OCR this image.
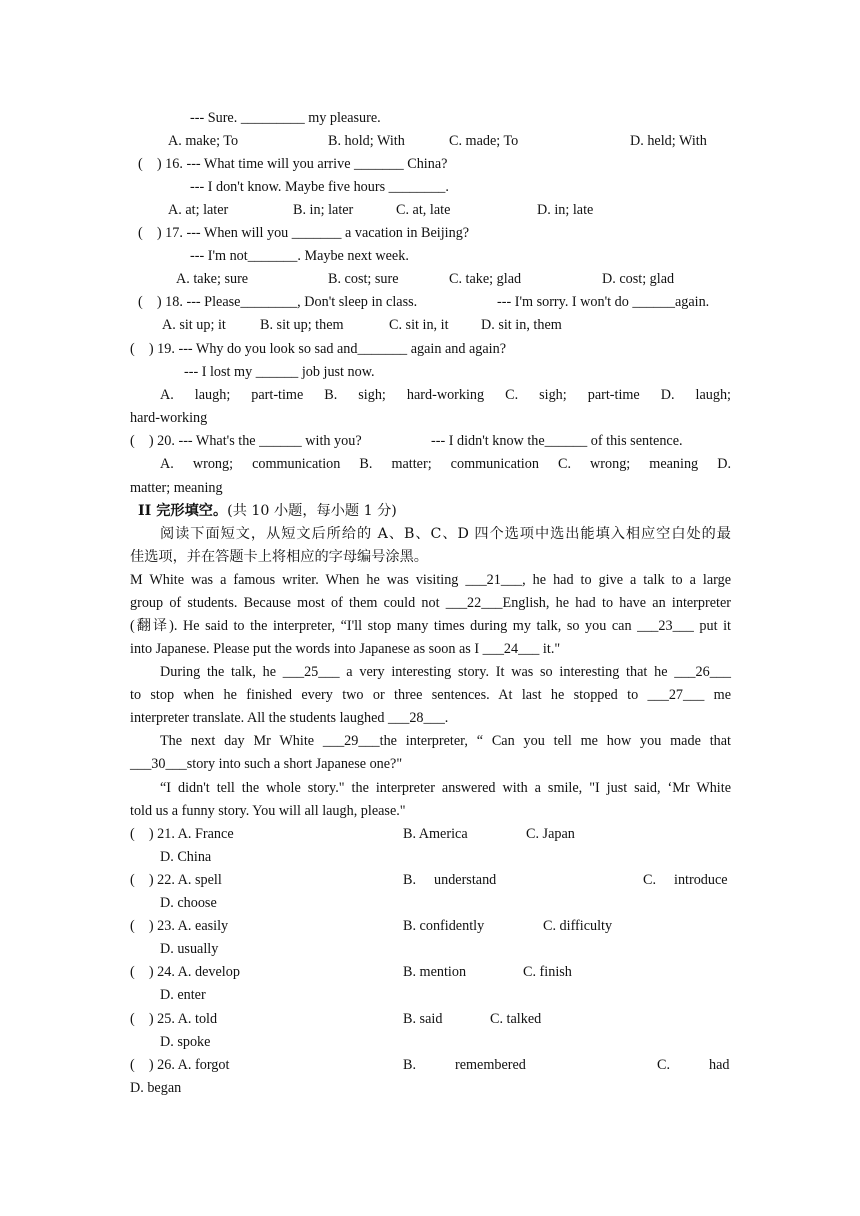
--- Sure. _________ my pleasure.

A. make; To	B. hold; With	C. made; To	D. held; With

(    ) 16. --- What time will you arrive _______ China?

--- I don't know. Maybe five hours ________.

A. at; later	B. in; later	C. at, late	D. in; late

(    ) 17. --- When will you _______ a vacation in Beijing?

--- I'm not_______. Maybe next week.

A. take; sure	B. cost; sure	C. take; glad	D. cost; glad

(    ) 18. --- Please________, Don't sleep in class.	--- I'm sorry. I won't do ______again.

A. sit up; it B. sit up; them	C. sit in, it D. sit in, them

(    ) 19. --- Why do you look so sad and_______ again and again?

--- I lost my ______ job just now.

A. laugh; part-time B. sigh; hard-working C. sigh; part-time D. laugh;

hard-working

(    ) 20. --- What's the ______ with you?	--- I didn't know the______ of this sentence.

A. wrong; communication B. matter; communication C. wrong; meaning D.

matter; meaning

II 完形填空。(共 10 小题，每小题 1 分)

阅读下面短文，从短文后所给的 A、B、C、D 四个选项中选出能填入相应空白处的最

佳选项，并在答题卡上将相应的字母编号涂黑。

M White was a famous writer. When he was visiting ___21___, he had to give a talk to a large

group of students. Because most of them could not ___22___English, he had to have an interpreter

(翻译). He said to the interpreter, “I'll stop many times during my talk, so you can ___23___ put it

into Japanese. Please put the words into Japanese as soon as I ___24___ it."

During the talk, he ___25___ a very interesting story. It was so interesting that he ___26___

to stop when he finished every two or three sentences. At last he stopped to ___27___ me

interpreter translate. All the students laughed ___28___.

The next day Mr White ___29___the interpreter, “ Can you tell me how you made that

___30___story into such a short Japanese one?"

“I didn't tell the whole story." the interpreter answered with a smile, "I just said, ‘Mr White

told us a funny story. You will all laugh, please."

(    ) 21. A. France	B. America	C. Japan

D. China

(    ) 22. A. spell	B. understand	C. introduce

D. choose

(    ) 23. A. easily	B. confidently	C. difficulty

D. usually

(    ) 24. A. develop	B. mention	C. finish

D. enter

(    ) 25. A. told	B. said	C. talked

D. spoke

(    ) 26. A. forgot	B.	remembered	C.	had

D. began
